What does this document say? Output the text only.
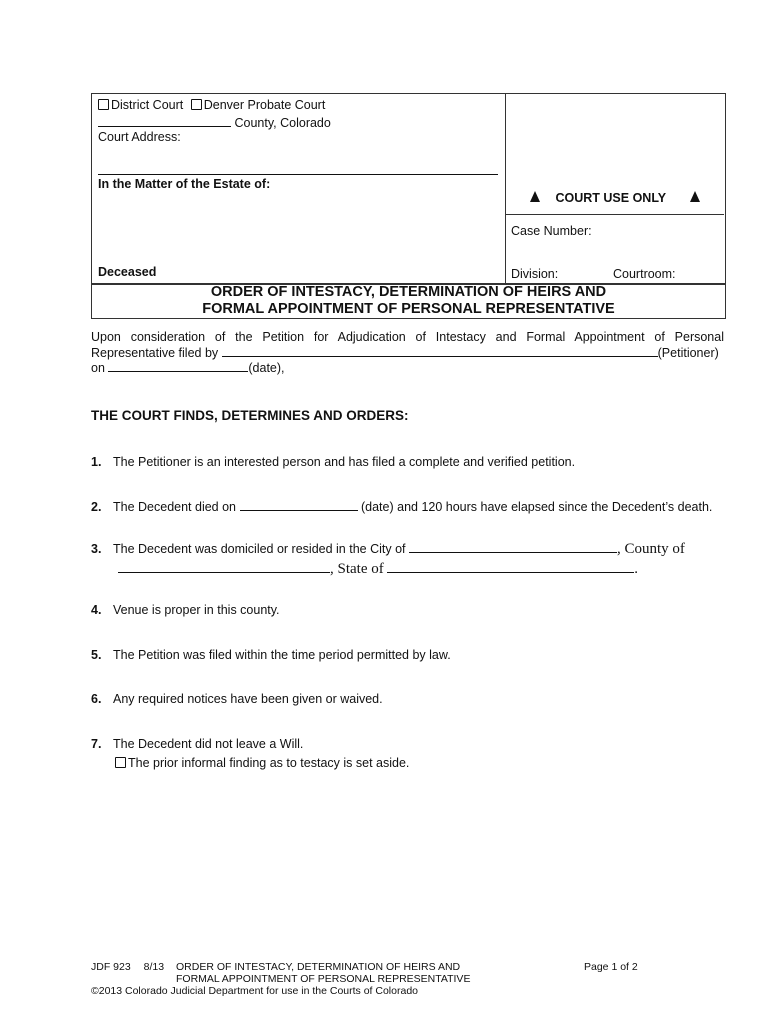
District Court Denver Probate Court
County, Colorado
Court Address:
In the Matter of the Estate of:
Deceased
COURT USE ONLY
Case Number:
Division:	Courtroom:
ORDER OF INTESTACY, DETERMINATION OF HEIRS AND
FORMAL APPOINTMENT OF PERSONAL REPRESENTATIVE
Upon consideration of the Petition for Adjudication of Intestacy and Formal Appointment of Personal
Representative filed by	(Petitioner)
on	(date),
THE COURT FINDS, DETERMINES AND ORDERS:
1. The Petitioner is an interested person and has filed a complete and verified petition.
2. The Decedent died on	(date) and 120 hours have elapsed since the Decedent’s death.
3. The Decedent was domiciled or resided in the City of	, County of
, State of	.
4. Venue is proper in this county.
5. The Petition was filed within the time period permitted by law.
6. Any required notices have been given or waived.
7. The Decedent did not leave a Will.
The prior informal finding as to testacy is set aside.
JDF 923 8/13 ORDER OF INTESTACY, DETERMINATION OF HEIRS AND
FORMAL APPOINTMENT OF PERSONAL REPRESENTATIVE
©2013 Colorado Judicial Department for use in the Courts of Colorado
Page 1 of 2
